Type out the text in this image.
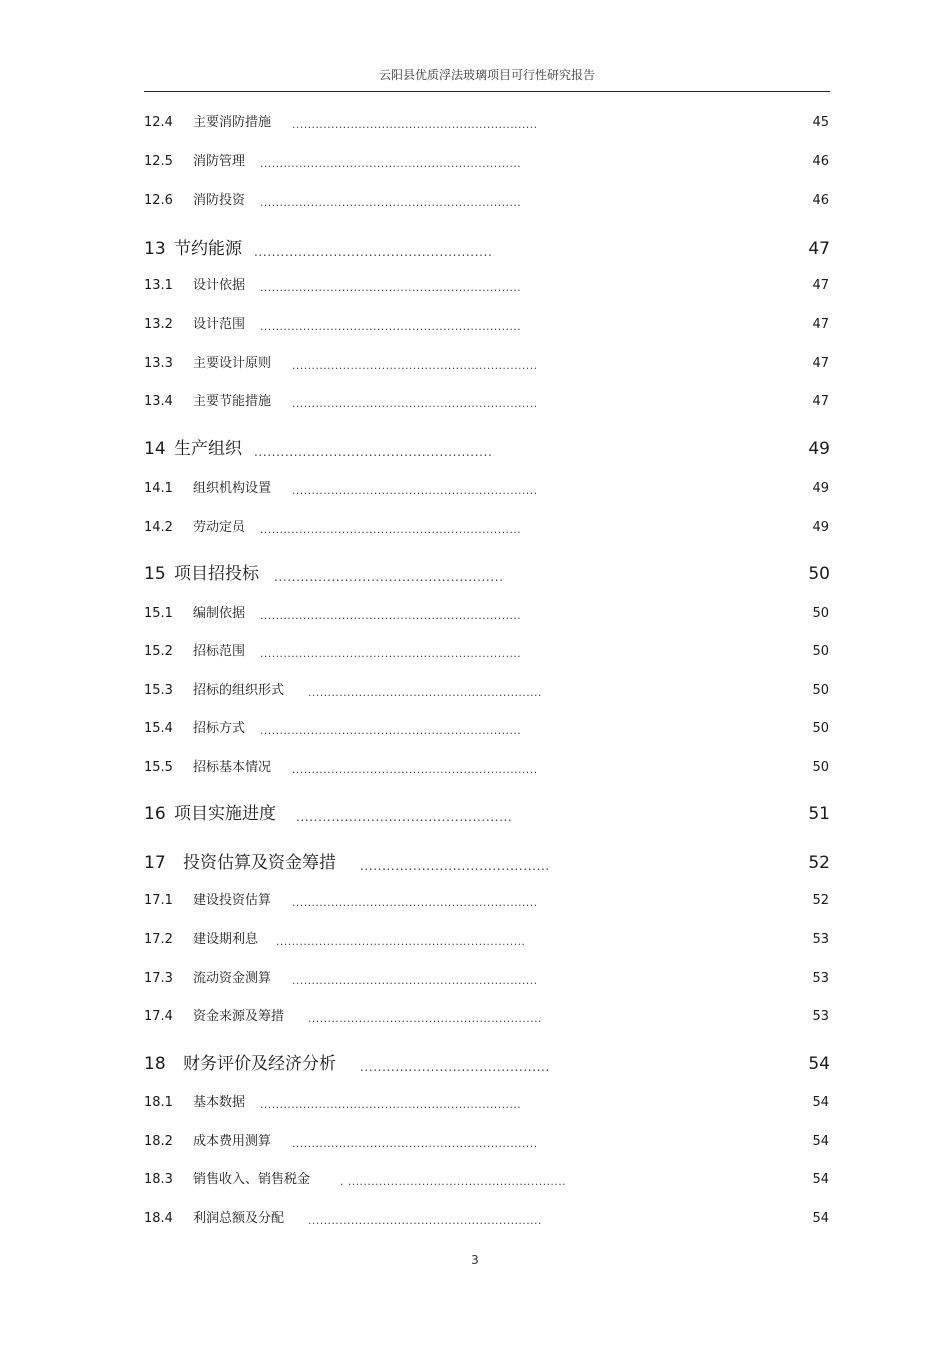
云阳县优质浮法玻璃项目可行性研究报告
12.4 主要消防措施 ...............................................................	45
12.5 消防管理 ...................................................................	46
12.6 消防投资 ...................................................................	46
13 节约能源 ......................................................	47
13.1 设计依据 ...................................................................	47
13.2 设计范围 ...................................................................	47
13.3 主要设计原则 ...............................................................	47
13.4 主要节能措施 ...............................................................	47
14 生产组织 ......................................................	49
14.1 组织机构设置 ...............................................................	49
14.2 劳动定员 ...................................................................	49
15 项目招投标 ....................................................	50
15.1 编制依据 ...................................................................	50
15.2 招标范围 ...................................................................	50
15.3 招标的组织形式 ............................................................	50
15.4 招标方式 ...................................................................	50
15.5 招标基本情况 ...............................................................	50
16 项目实施进度 .................................................	51
17 投资估算及资金筹措 ...........................................	52
17.1 建设投资估算 ...............................................................	52
17.2 建设期利息 ................................................................	53
17.3 流动资金测算 ...............................................................	53
17.4 资金来源及筹措 ............................................................	53
18 财务评价及经济分析 ...........................................	54
18.1 基本数据 ...................................................................	54
18.2 成本费用测算 ...............................................................	54
18.3 销售收入、销售税金	. ........................................................	54
18.4 利润总额及分配 ............................................................	54
3
